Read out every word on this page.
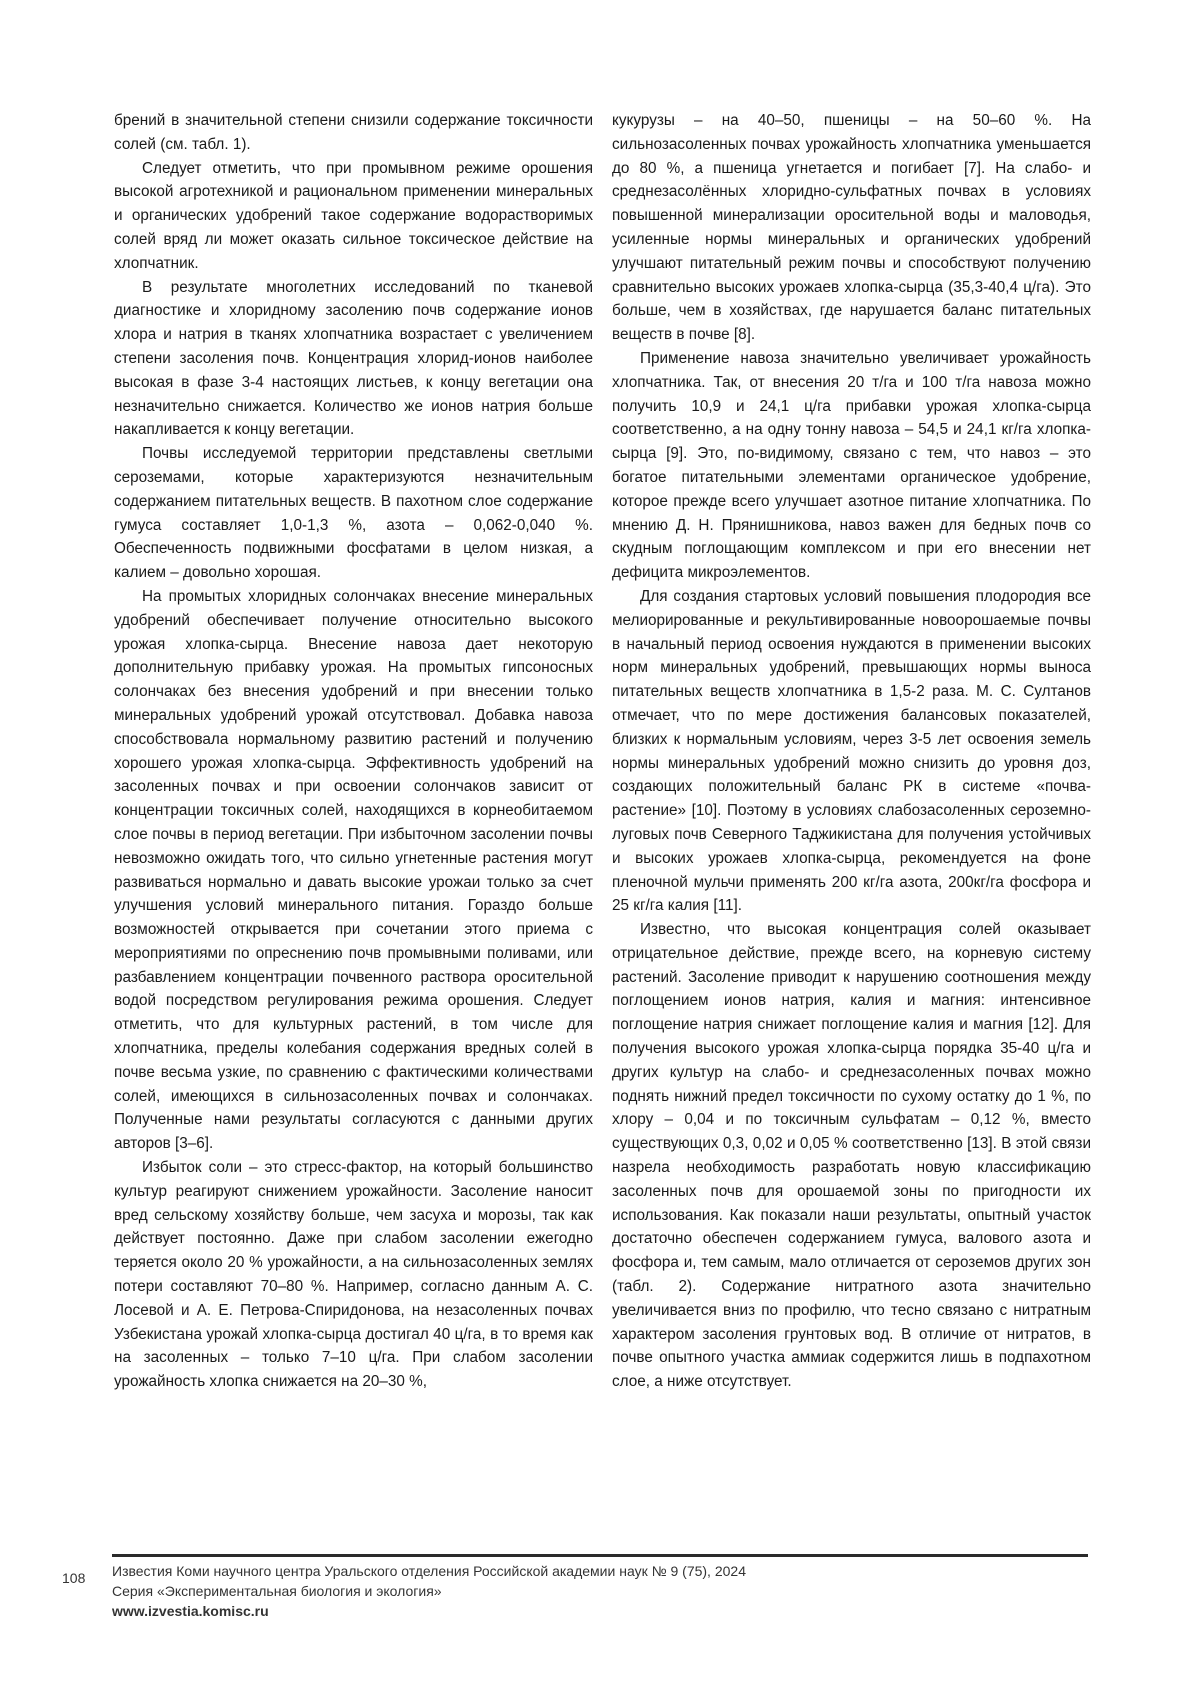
брений в значительной степени снизили содержание токсичности солей (см. табл. 1).

Следует отметить, что при промывном режиме орошения высокой агротехникой и рациональном применении минеральных и органических удобрений такое содержание водорастворимых солей вряд ли может оказать сильное токсическое действие на хлопчатник.

В результате многолетних исследований по тканевой диагностике и хлоридному засолению почв содержание ионов хлора и натрия в тканях хлопчатника возрастает с увеличением степени засоления почв. Концентрация хлорид-ионов наиболее высокая в фазе 3-4 настоящих листьев, к концу вегетации она незначительно снижается. Количество же ионов натрия больше накапливается к концу вегетации.

Почвы исследуемой территории представлены светлыми сероземами, которые характеризуются незначительным содержанием питательных веществ. В пахотном слое содержание гумуса составляет 1,0-1,3 %, азота – 0,062-0,040 %. Обеспеченность подвижными фосфатами в целом низкая, а калием – довольно хорошая.

На промытых хлоридных солончаках внесение минеральных удобрений обеспечивает получение относительно высокого урожая хлопка-сырца. Внесение навоза дает некоторую дополнительную прибавку урожая. На промытых гипсоносных солончаках без внесения удобрений и при внесении только минеральных удобрений урожай отсутствовал. Добавка навоза способствовала нормальному развитию растений и получению хорошего урожая хлопка-сырца. Эффективность удобрений на засоленных почвах и при освоении солончаков зависит от концентрации токсичных солей, находящихся в корнеобитаемом слое почвы в период вегетации. При избыточном засолении почвы невозможно ожидать того, что сильно угнетенные растения могут развиваться нормально и давать высокие урожаи только за счет улучшения условий минерального питания. Гораздо больше возможностей открывается при сочетании этого приема с мероприятиями по опреснению почв промывными поливами, или разбавлением концентрации почвенного раствора оросительной водой посредством регулирования режима орошения. Следует отметить, что для культурных растений, в том числе для хлопчатника, пределы колебания содержания вредных солей в почве весьма узкие, по сравнению с фактическими количествами солей, имеющихся в сильнозасоленных почвах и солончаках. Полученные нами результаты согласуются с данными других авторов [3–6].

Избыток соли – это стресс-фактор, на который большинство культур реагируют снижением урожайности. Засоление наносит вред сельскому хозяйству больше, чем засуха и морозы, так как действует постоянно. Даже при слабом засолении ежегодно теряется около 20 % урожайности, а на сильнозасоленных землях потери составляют 70–80 %. Например, согласно данным А. С. Лосевой и А. Е. Петрова-Спиридонова, на незасоленных почвах Узбекистана урожай хлопка-сырца достигал 40 ц/га, в то время как на засоленных – только 7–10 ц/га. При слабом засолении урожайность хлопка снижается на 20–30 %,

кукурузы – на 40–50, пшеницы – на 50–60 %. На сильнозасоленных почвах урожайность хлопчатника уменьшается до 80 %, а пшеница угнетается и погибает [7]. На слабо- и среднезасолённых хлоридно-сульфатных почвах в условиях повышенной минерализации оросительной воды и маловодья, усиленные нормы минеральных и органических удобрений улучшают питательный режим почвы и способствуют получению сравнительно высоких урожаев хлопка-сырца (35,3-40,4 ц/га). Это больше, чем в хозяйствах, где нарушается баланс питательных веществ в почве [8].

Применение навоза значительно увеличивает урожайность хлопчатника. Так, от внесения 20 т/га и 100 т/га навоза можно получить 10,9 и 24,1 ц/га прибавки урожая хлопка-сырца соответственно, а на одну тонну навоза – 54,5 и 24,1 кг/га хлопка-сырца [9]. Это, по-видимому, связано с тем, что навоз – это богатое питательными элементами органическое удобрение, которое прежде всего улучшает азотное питание хлопчатника. По мнению Д. Н. Прянишникова, навоз важен для бедных почв со скудным поглощающим комплексом и при его внесении нет дефицита микроэлементов.

Для создания стартовых условий повышения плодородия все мелиорированные и рекультивированные новоорошаемые почвы в начальный период освоения нуждаются в применении высоких норм минеральных удобрений, превышающих нормы выноса питательных веществ хлопчатника в 1,5-2 раза. М. С. Султанов отмечает, что по мере достижения балансовых показателей, близких к нормальным условиям, через 3-5 лет освоения земель нормы минеральных удобрений можно снизить до уровня доз, создающих положительный баланс РК в системе «почва-растение» [10]. Поэтому в условиях слабозасоленных сероземно-луговых почв Северного Таджикистана для получения устойчивых и высоких урожаев хлопка-сырца, рекомендуется на фоне пленочной мульчи применять 200 кг/га азота, 200кг/га фосфора и 25 кг/га калия [11].

Известно, что высокая концентрация солей оказывает отрицательное действие, прежде всего, на корневую систему растений. Засоление приводит к нарушению соотношения между поглощением ионов натрия, калия и магния: интенсивное поглощение натрия снижает поглощение калия и магния [12]. Для получения высокого урожая хлопка-сырца порядка 35-40 ц/га и других культур на слабо- и среднезасоленных почвах можно поднять нижний предел токсичности по сухому остатку до 1 %, по хлору – 0,04 и по токсичным сульфатам – 0,12 %, вместо существующих 0,3, 0,02 и 0,05 % соответственно [13]. В этой связи назрела необходимость разработать новую классификацию засоленных почв для орошаемой зоны по пригодности их использования. Как показали наши результаты, опытный участок достаточно обеспечен содержанием гумуса, валового азота и фосфора и, тем самым, мало отличается от сероземов других зон (табл. 2). Содержание нитратного азота значительно увеличивается вниз по профилю, что тесно связано с нитратным характером засоления грунтовых вод. В отличие от нитратов, в почве опытного участка аммиак содержится лишь в подпахотном слое, а ниже отсутствует.

108 Известия Коми научного центра Уральского отделения Российской академии наук № 9 (75), 2024
Серия «Экспериментальная биология и экология»
www.izvestia.komisc.ru
